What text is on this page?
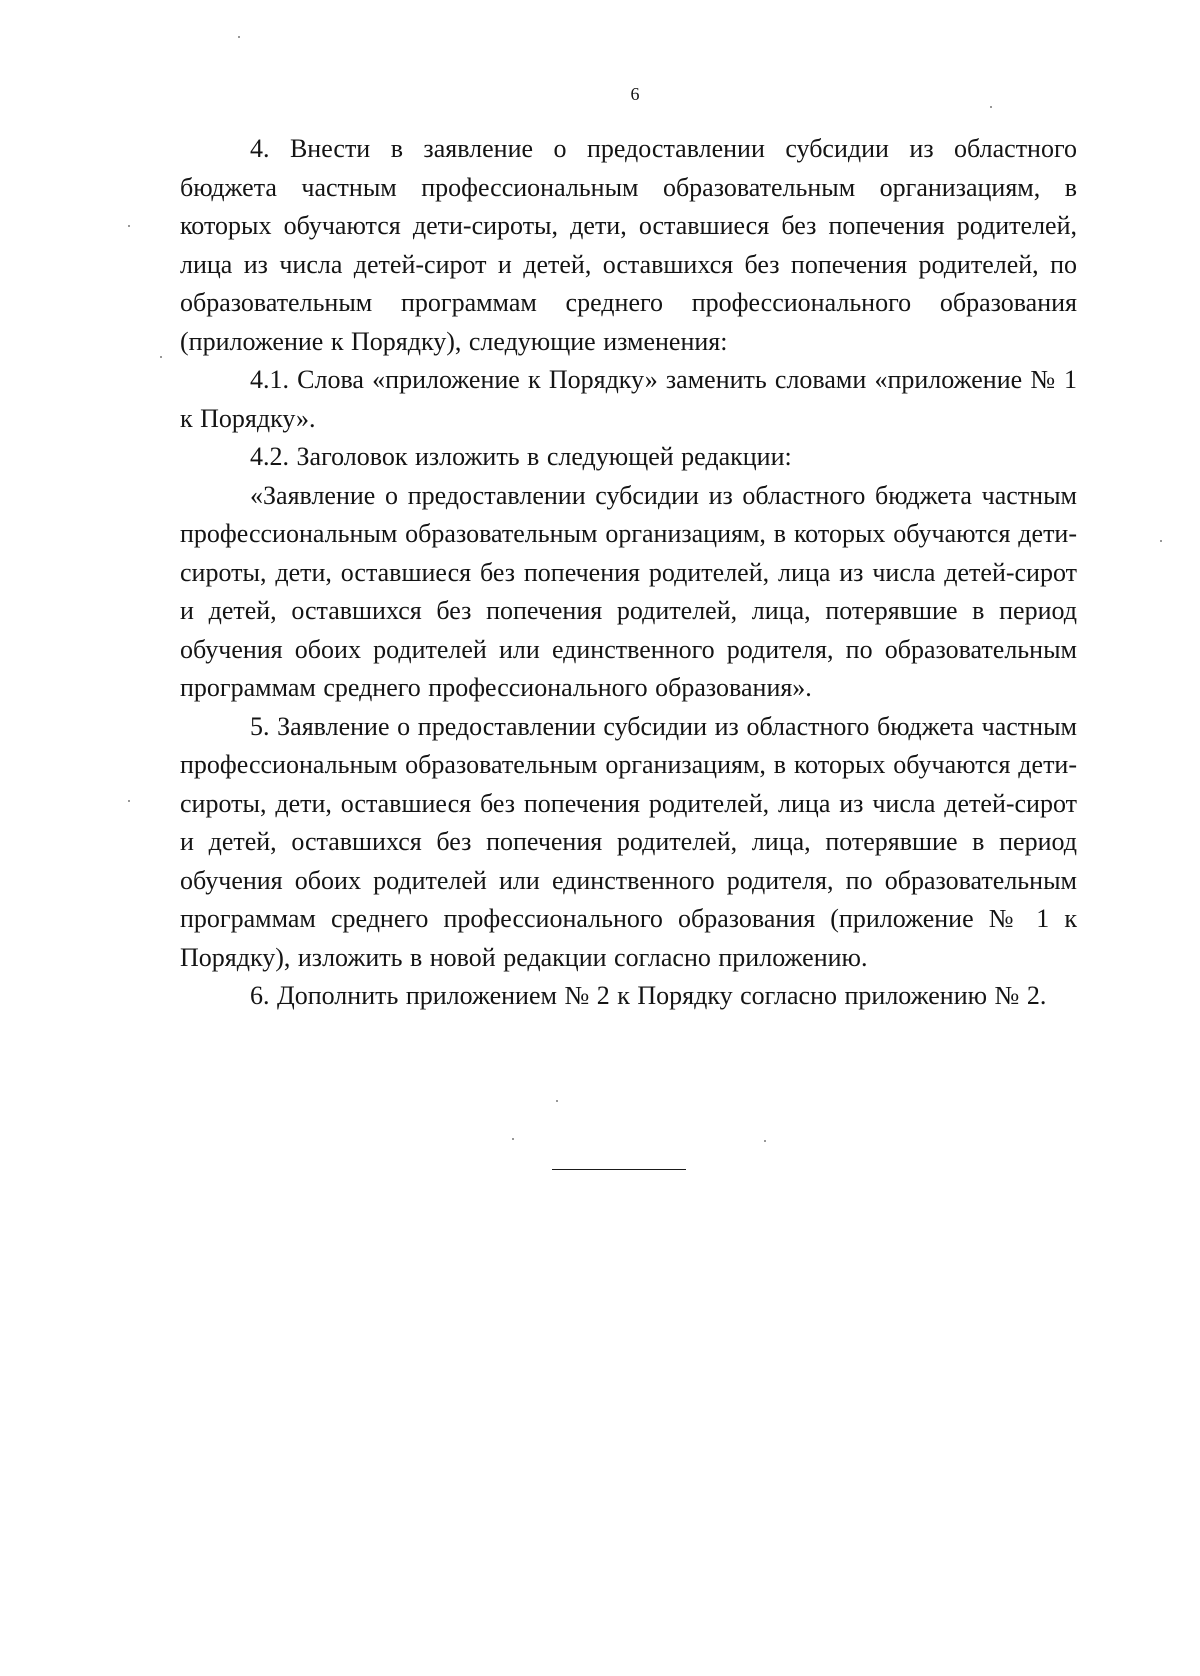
6

4. Внести в заявление о предоставлении субсидии из областного бюджета частным профессиональным образовательным организациям, в которых обучаются дети-сироты, дети, оставшиеся без попечения родителей, лица из числа детей-сирот и детей, оставшихся без попечения родителей, по образовательным программам среднего профессионального образования (приложение к Порядку), следующие изменения:

4.1. Слова «приложение к Порядку» заменить словами «приложение № 1 к Порядку».

4.2. Заголовок изложить в следующей редакции:

«Заявление о предоставлении субсидии из областного бюджета частным профессиональным образовательным организациям, в которых обучаются дети-сироты, дети, оставшиеся без попечения родителей, лица из числа детей-сирот и детей, оставшихся без попечения родителей, лица, потерявшие в период обучения обоих родителей или единственного родителя, по образовательным программам среднего профессионального образования».

5. Заявление о предоставлении субсидии из областного бюджета частным профессиональным образовательным организациям, в которых обучаются дети-сироты, дети, оставшиеся без попечения родителей, лица из числа детей-сирот и детей, оставшихся без попечения родителей, лица, потерявшие в период обучения обоих родителей или единственного родителя, по образовательным программам среднего профессионального образования (приложение № 1 к Порядку), изложить в новой редакции согласно приложению.

6. Дополнить приложением № 2 к Порядку согласно приложению № 2.
